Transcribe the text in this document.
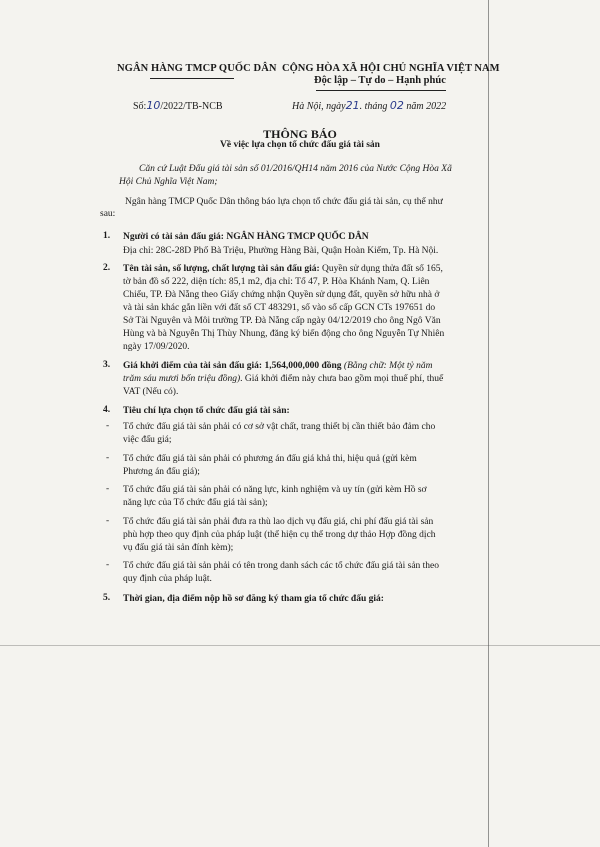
NGÂN HÀNG TMCP QUỐC DÂN CỘNG HÒA XÃ HỘI CHỦ NGHĨA VIỆT NAM
Độc lập – Tự do – Hạnh phúc
Số:10/2022/TB-NCB	Hà Nội, ngày21. tháng 02 năm 2022
THÔNG BÁO
Về việc lựa chọn tổ chức đấu giá tài sản
Căn cứ Luật Đấu giá tài sản số 01/2016/QH14 năm 2016 của Nước Cộng Hòa Xã
Hội Chủ Nghĩa Việt Nam;
Ngân hàng TMCP Quốc Dân thông báo lựa chọn tổ chức đấu giá tài sản, cụ thể như
sau:
1. Người có tài sản đấu giá: NGÂN HÀNG TMCP QUỐC DÂN
Địa chỉ: 28C-28D Phố Bà Triệu, Phường Hàng Bài, Quận Hoàn Kiếm, Tp. Hà Nội.
2. Tên tài sản, số lượng, chất lượng tài sản đấu giá: Quyền sử dụng thửa đất số 165,
tờ bản đồ số 222, diện tích: 85,1 m2, địa chỉ: Tổ 47, P. Hòa Khánh Nam, Q. Liên
Chiểu, TP. Đà Nẵng theo Giấy chứng nhận Quyền sử dụng đất, quyền sở hữu nhà ở
và tài sản khác gắn liền với đất số CT 483291, số vào sổ cấp GCN CTs 197651 do
Sở Tài Nguyên và Môi trường TP. Đà Nẵng cấp ngày 04/12/2019 cho ông Ngô Văn
Hùng và bà Nguyễn Thị Thùy Nhung, đăng ký biến động cho ông Nguyễn Tự Nhiên
ngày 17/09/2020.
3. Giá khởi điểm của tài sản đấu giá: 1,564,000,000 đồng (Bằng chữ: Một tỷ năm
trăm sáu mươi bốn triệu đồng). Giá khởi điểm này chưa bao gồm mọi thuế phí, thuế
VAT (Nếu có).
4. Tiêu chí lựa chọn tổ chức đấu giá tài sản:
- Tổ chức đấu giá tài sản phải có cơ sở vật chất, trang thiết bị cần thiết bảo đảm cho
việc đấu giá;
- Tổ chức đấu giá tài sản phải có phương án đấu giá khả thi, hiệu quả (gửi kèm
Phương án đấu giá);
- Tổ chức đấu giá tài sản phải có năng lực, kinh nghiệm và uy tín (gửi kèm Hồ sơ
năng lực của Tổ chức đấu giá tài sản);
- Tổ chức đấu giá tài sản phải đưa ra thù lao dịch vụ đấu giá, chi phí đấu giá tài sản
phù hợp theo quy định của pháp luật (thể hiện cụ thể trong dự thảo Hợp đồng dịch
vụ đấu giá tài sản đính kèm);
- Tổ chức đấu giá tài sản phải có tên trong danh sách các tổ chức đấu giá tài sản theo
quy định của pháp luật.
5. Thời gian, địa điểm nộp hồ sơ đăng ký tham gia tổ chức đấu giá:
